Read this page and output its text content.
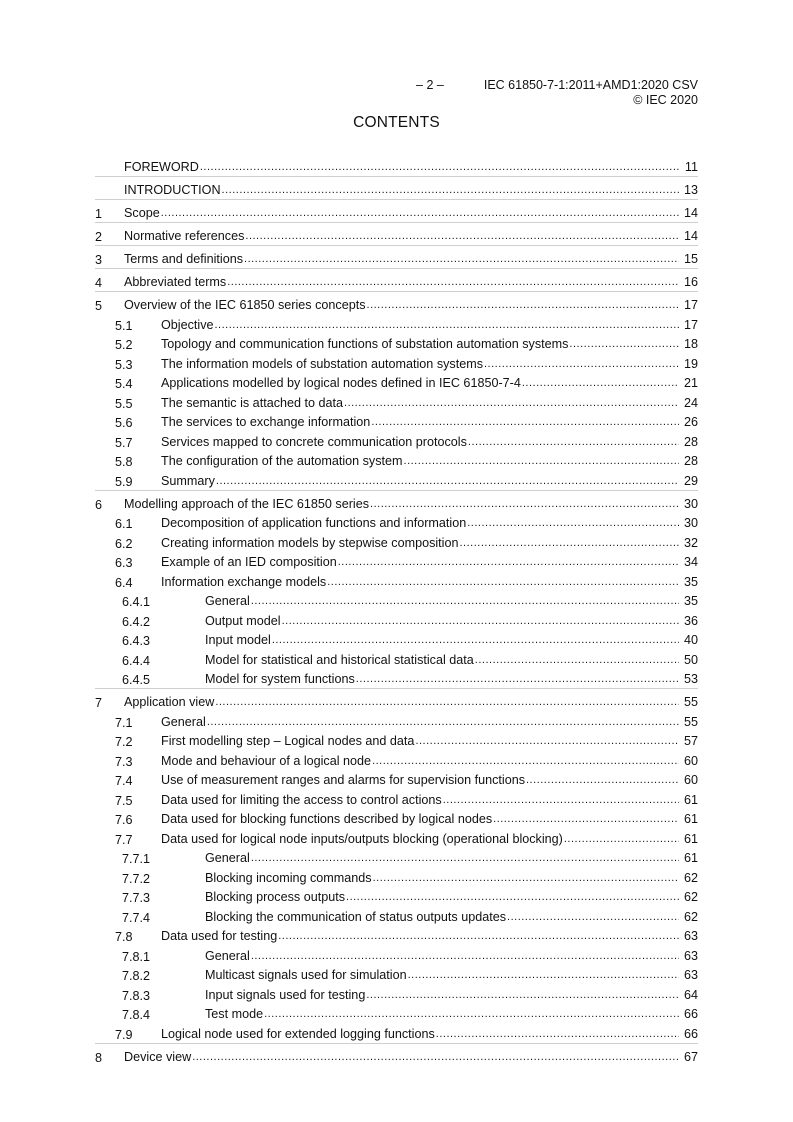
– 2 –	IEC 61850-7-1:2011+AMD1:2020 CSV
© IEC 2020
CONTENTS
FOREWORD .....	11
INTRODUCTION .....	13
1	Scope .....	14
2	Normative references .....	14
3	Terms and definitions .....	15
4	Abbreviated terms .....	16
5	Overview of the IEC 61850 series concepts .....	17
5.1	Objective .....	17
5.2	Topology and communication functions of substation automation systems .....	18
5.3	The information models of substation automation systems .....	19
5.4	Applications modelled by logical nodes defined in IEC 61850-7-4 .....	21
5.5	The semantic is attached to data .....	24
5.6	The services to exchange information .....	26
5.7	Services mapped to concrete communication protocols .....	28
5.8	The configuration of the automation system .....	28
5.9	Summary .....	29
6	Modelling approach of the IEC 61850 series .....	30
6.1	Decomposition of application functions and information .....	30
6.2	Creating information models by stepwise composition .....	32
6.3	Example of an IED composition .....	34
6.4	Information exchange models .....	35
6.4.1	General .....	35
6.4.2	Output model .....	36
6.4.3	Input model .....	40
6.4.4	Model for statistical and historical statistical data .....	50
6.4.5	Model for system functions .....	53
7	Application view .....	55
7.1	General .....	55
7.2	First modelling step – Logical nodes and data .....	57
7.3	Mode and behaviour of a logical node .....	60
7.4	Use of measurement ranges and alarms for supervision functions .....	60
7.5	Data used for limiting the access to control actions .....	61
7.6	Data used for blocking functions described by logical nodes .....	61
7.7	Data used for logical node inputs/outputs blocking (operational blocking) .....	61
7.7.1	General .....	61
7.7.2	Blocking incoming commands .....	62
7.7.3	Blocking process outputs .....	62
7.7.4	Blocking the communication of status outputs updates .....	62
7.8	Data used for testing .....	63
7.8.1	General .....	63
7.8.2	Multicast signals used for simulation .....	63
7.8.3	Input signals used for testing .....	64
7.8.4	Test mode .....	66
7.9	Logical node used for extended logging functions .....	66
8	Device view .....	67
